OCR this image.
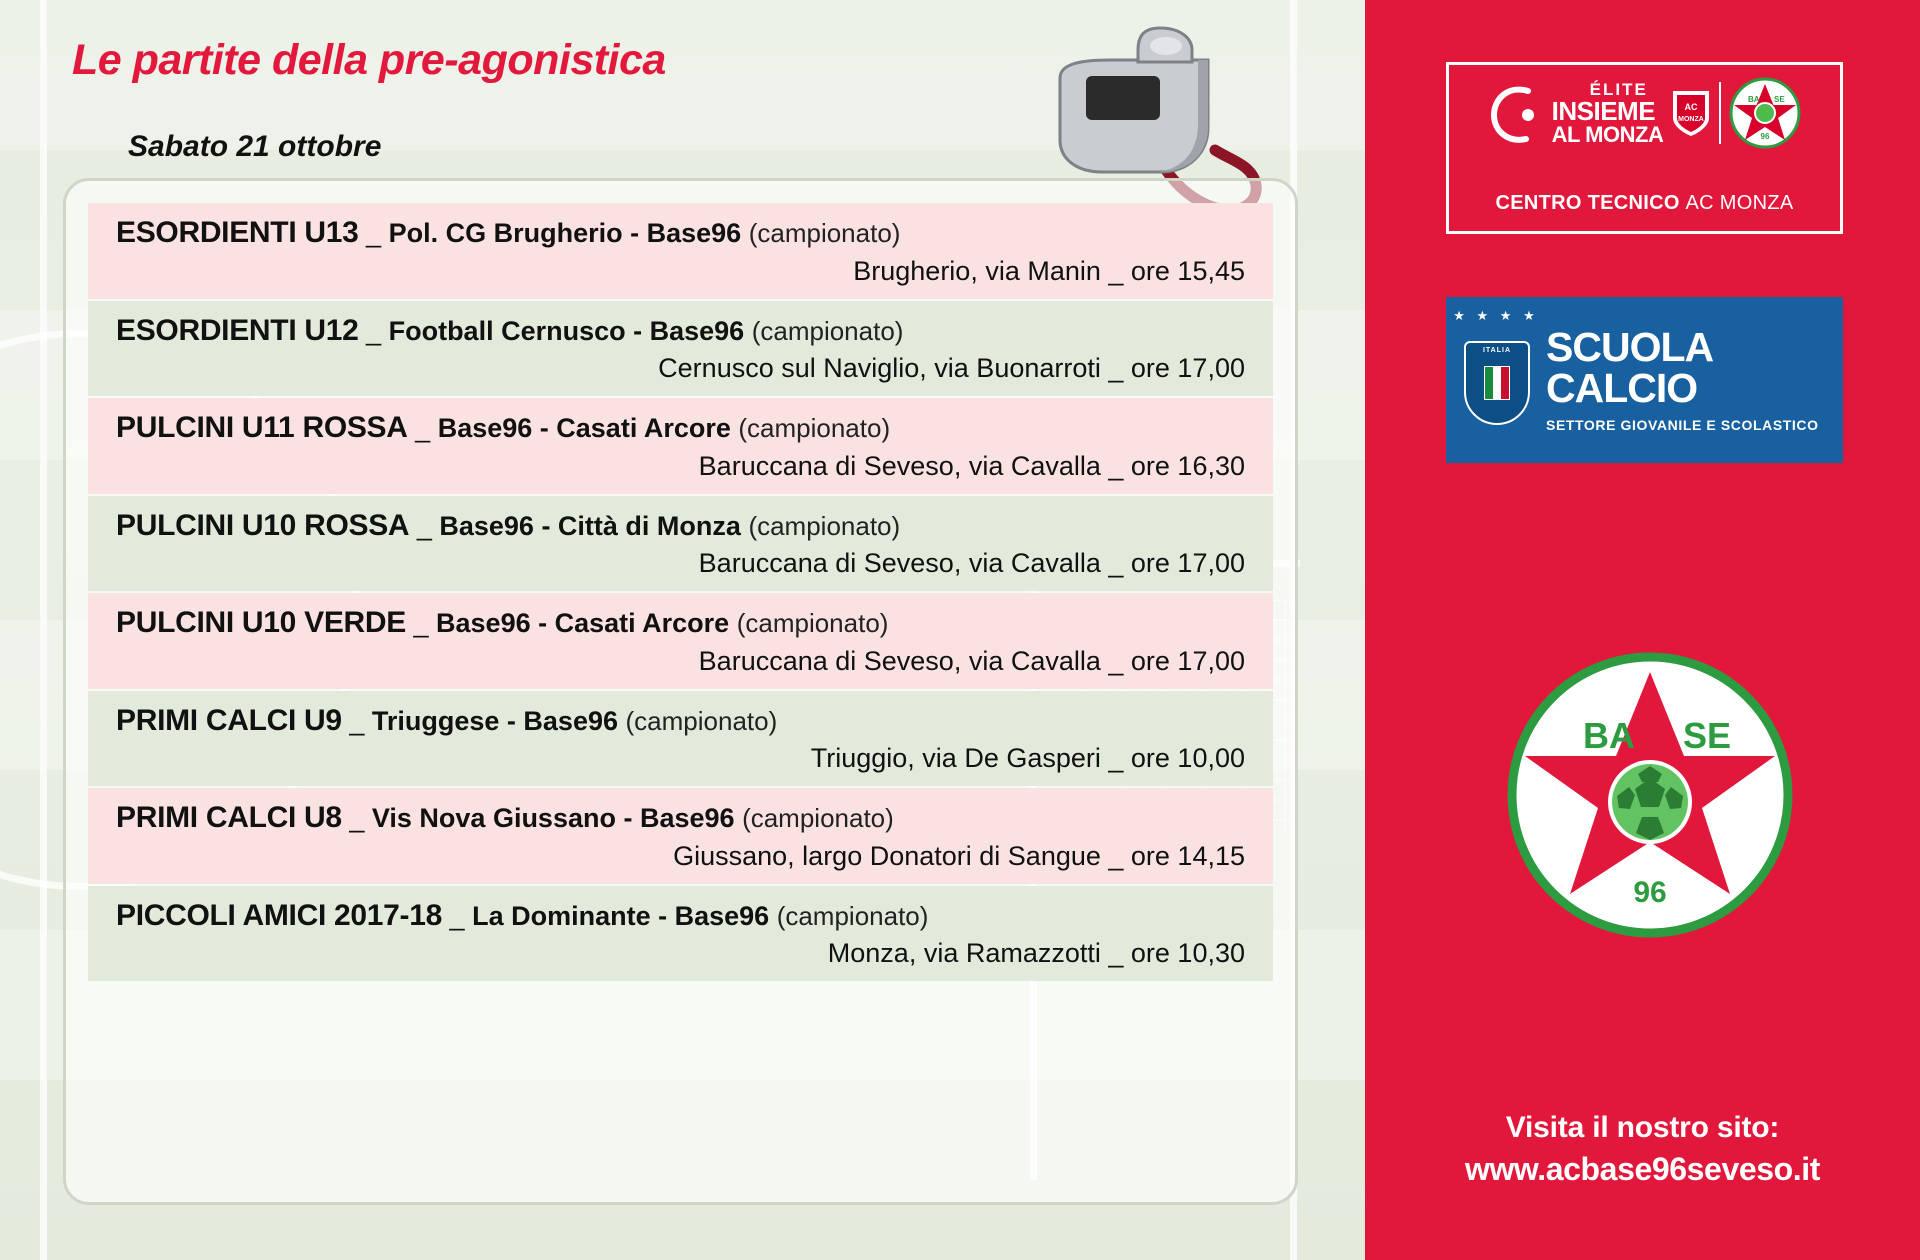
Le partite della pre-agonistica
Sabato 21 ottobre
ESORDIENTI U13 _ Pol. CG Brugherio - Base96 (campionato)
Brugherio, via Manin _ ore 15,45
ESORDIENTI U12 _ Football Cernusco - Base96 (campionato)
Cernusco sul Naviglio, via Buonarroti _ ore 17,00
PULCINI U11 ROSSA _ Base96 - Casati Arcore (campionato)
Baruccana di Seveso, via Cavalla _ ore 16,30
PULCINI U10 ROSSA _ Base96 - Città di Monza (campionato)
Baruccana di Seveso, via Cavalla _ ore 17,00
PULCINI U10 VERDE _ Base96 - Casati Arcore (campionato)
Baruccana di Seveso, via Cavalla _ ore 17,00
PRIMI CALCI U9 _ Triuggese - Base96 (campionato)
Triuggio, via De Gasperi _ ore 10,00
PRIMI CALCI U8 _ Vis Nova Giussano - Base96 (campionato)
Giussano, largo Donatori di Sangue _ ore 14,15
PICCOLI AMICI 2017-18 _ La Dominante - Base96 (campionato)
Monza, via Ramazzotti _ ore 10,30
ÉLITE
INSIEME
AL MONZA
AC
MONZA
BA SE
96
CENTRO TECNICO AC MONZA
ITALIA SCUOLA
CALCIO
SETTORE GIOVANILE E SCOLASTICO
★ ★ ★ ★
BA SE
96
Visita il nostro sito:
www.acbase96seveso.it
